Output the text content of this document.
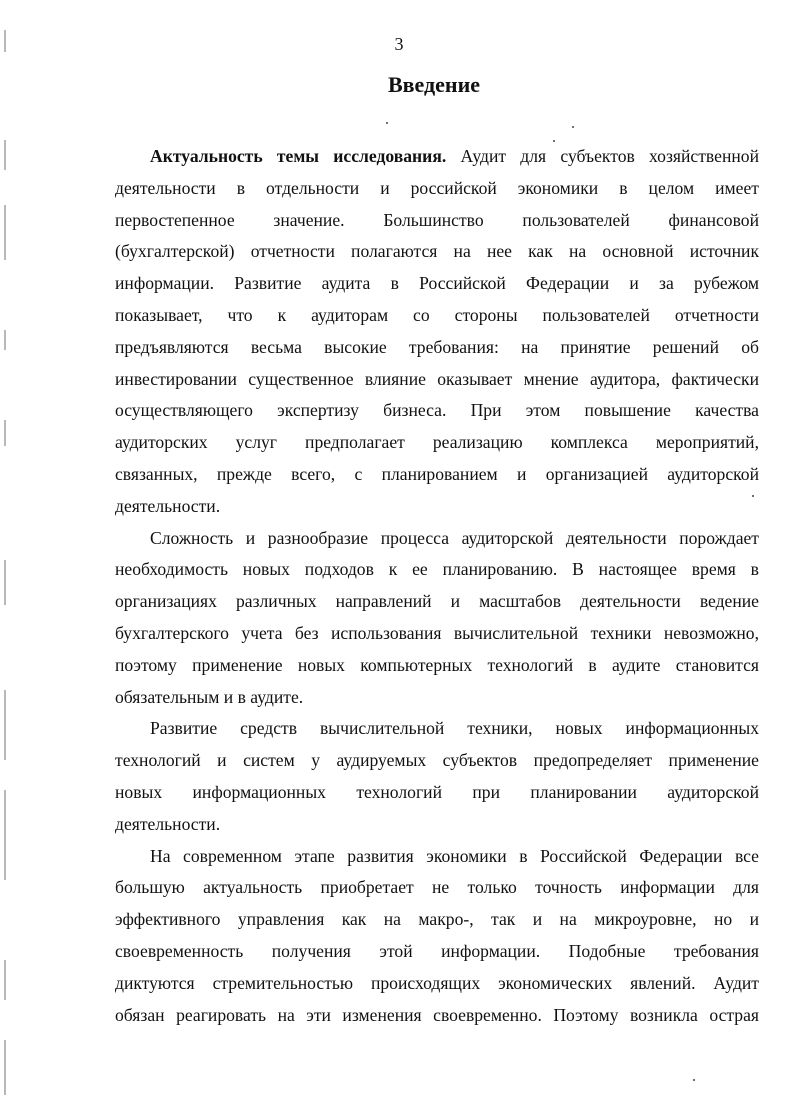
3
Введение
Актуальность темы исследования. Аудит для субъектов хозяйственной
деятельности в отдельности и российской экономики в целом имеет
первостепенное значение. Большинство пользователей финансовой
(бухгалтерской) отчетности полагаются на нее как на основной источник
информации. Развитие аудита в Российской Федерации и за рубежом
показывает, что к аудиторам со стороны пользователей отчетности
предъявляются весьма высокие требования: на принятие решений об
инвестировании существенное влияние оказывает мнение аудитора, фактически
осуществляющего экспертизу бизнеса. При этом повышение качества
аудиторских услуг предполагает реализацию комплекса мероприятий,
связанных, прежде всего, с планированием и организацией аудиторской
деятельности.
Сложность и разнообразие процесса аудиторской деятельности порождает
необходимость новых подходов к ее планированию. В настоящее время в
организациях различных направлений и масштабов деятельности ведение
бухгалтерского учета без использования вычислительной техники невозможно,
поэтому применение новых компьютерных технологий в аудите становится
обязательным и в аудите.
Развитие средств вычислительной техники, новых информационных
технологий и систем у аудируемых субъектов предопределяет применение
новых информационных технологий при планировании аудиторской
деятельности.
На современном этапе развития экономики в Российской Федерации все
большую актуальность приобретает не только точность информации для
эффективного управления как на макро-, так и на микроуровне, но и
своевременность получения этой информации. Подобные требования
диктуются стремительностью происходящих экономических явлений. Аудит
обязан реагировать на эти изменения своевременно. Поэтому возникла острая
